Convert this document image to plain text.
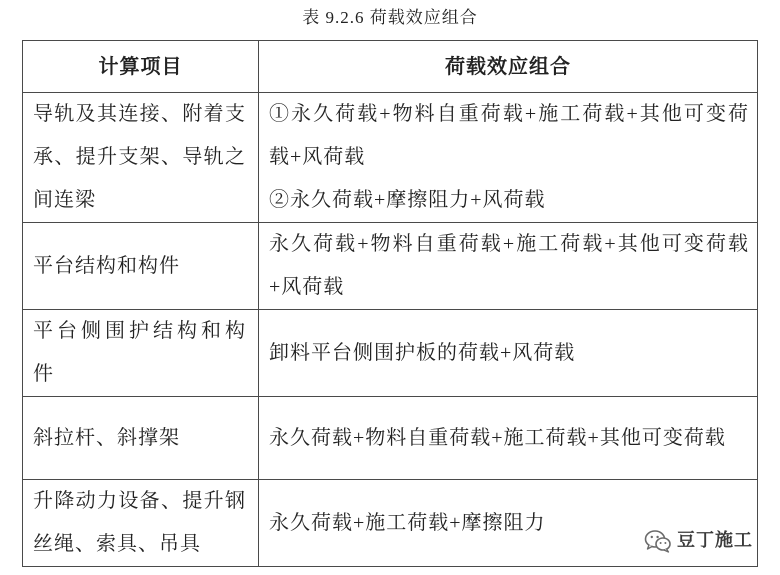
表 9.2.6 荷载效应组合
计算项目	荷载效应组合

导轨及其连接、附着支
承、提升支架、导轨之
间连梁	①永久荷载+物料自重荷载+施工荷载+其他可变荷
载+风荷载
②永久荷载+摩擦阻力+风荷载

平台结构和构件	永久荷载+物料自重荷载+施工荷载+其他可变荷载
+风荷载

平台侧围护结构和构
件	卸料平台侧围护板的荷载+风荷载

斜拉杆、斜撑架	永久荷载+物料自重荷载+施工荷载+其他可变荷载

升降动力设备、提升钢
丝绳、索具、吊具	永久荷载+施工荷载+摩擦阻力
豆丁施工
